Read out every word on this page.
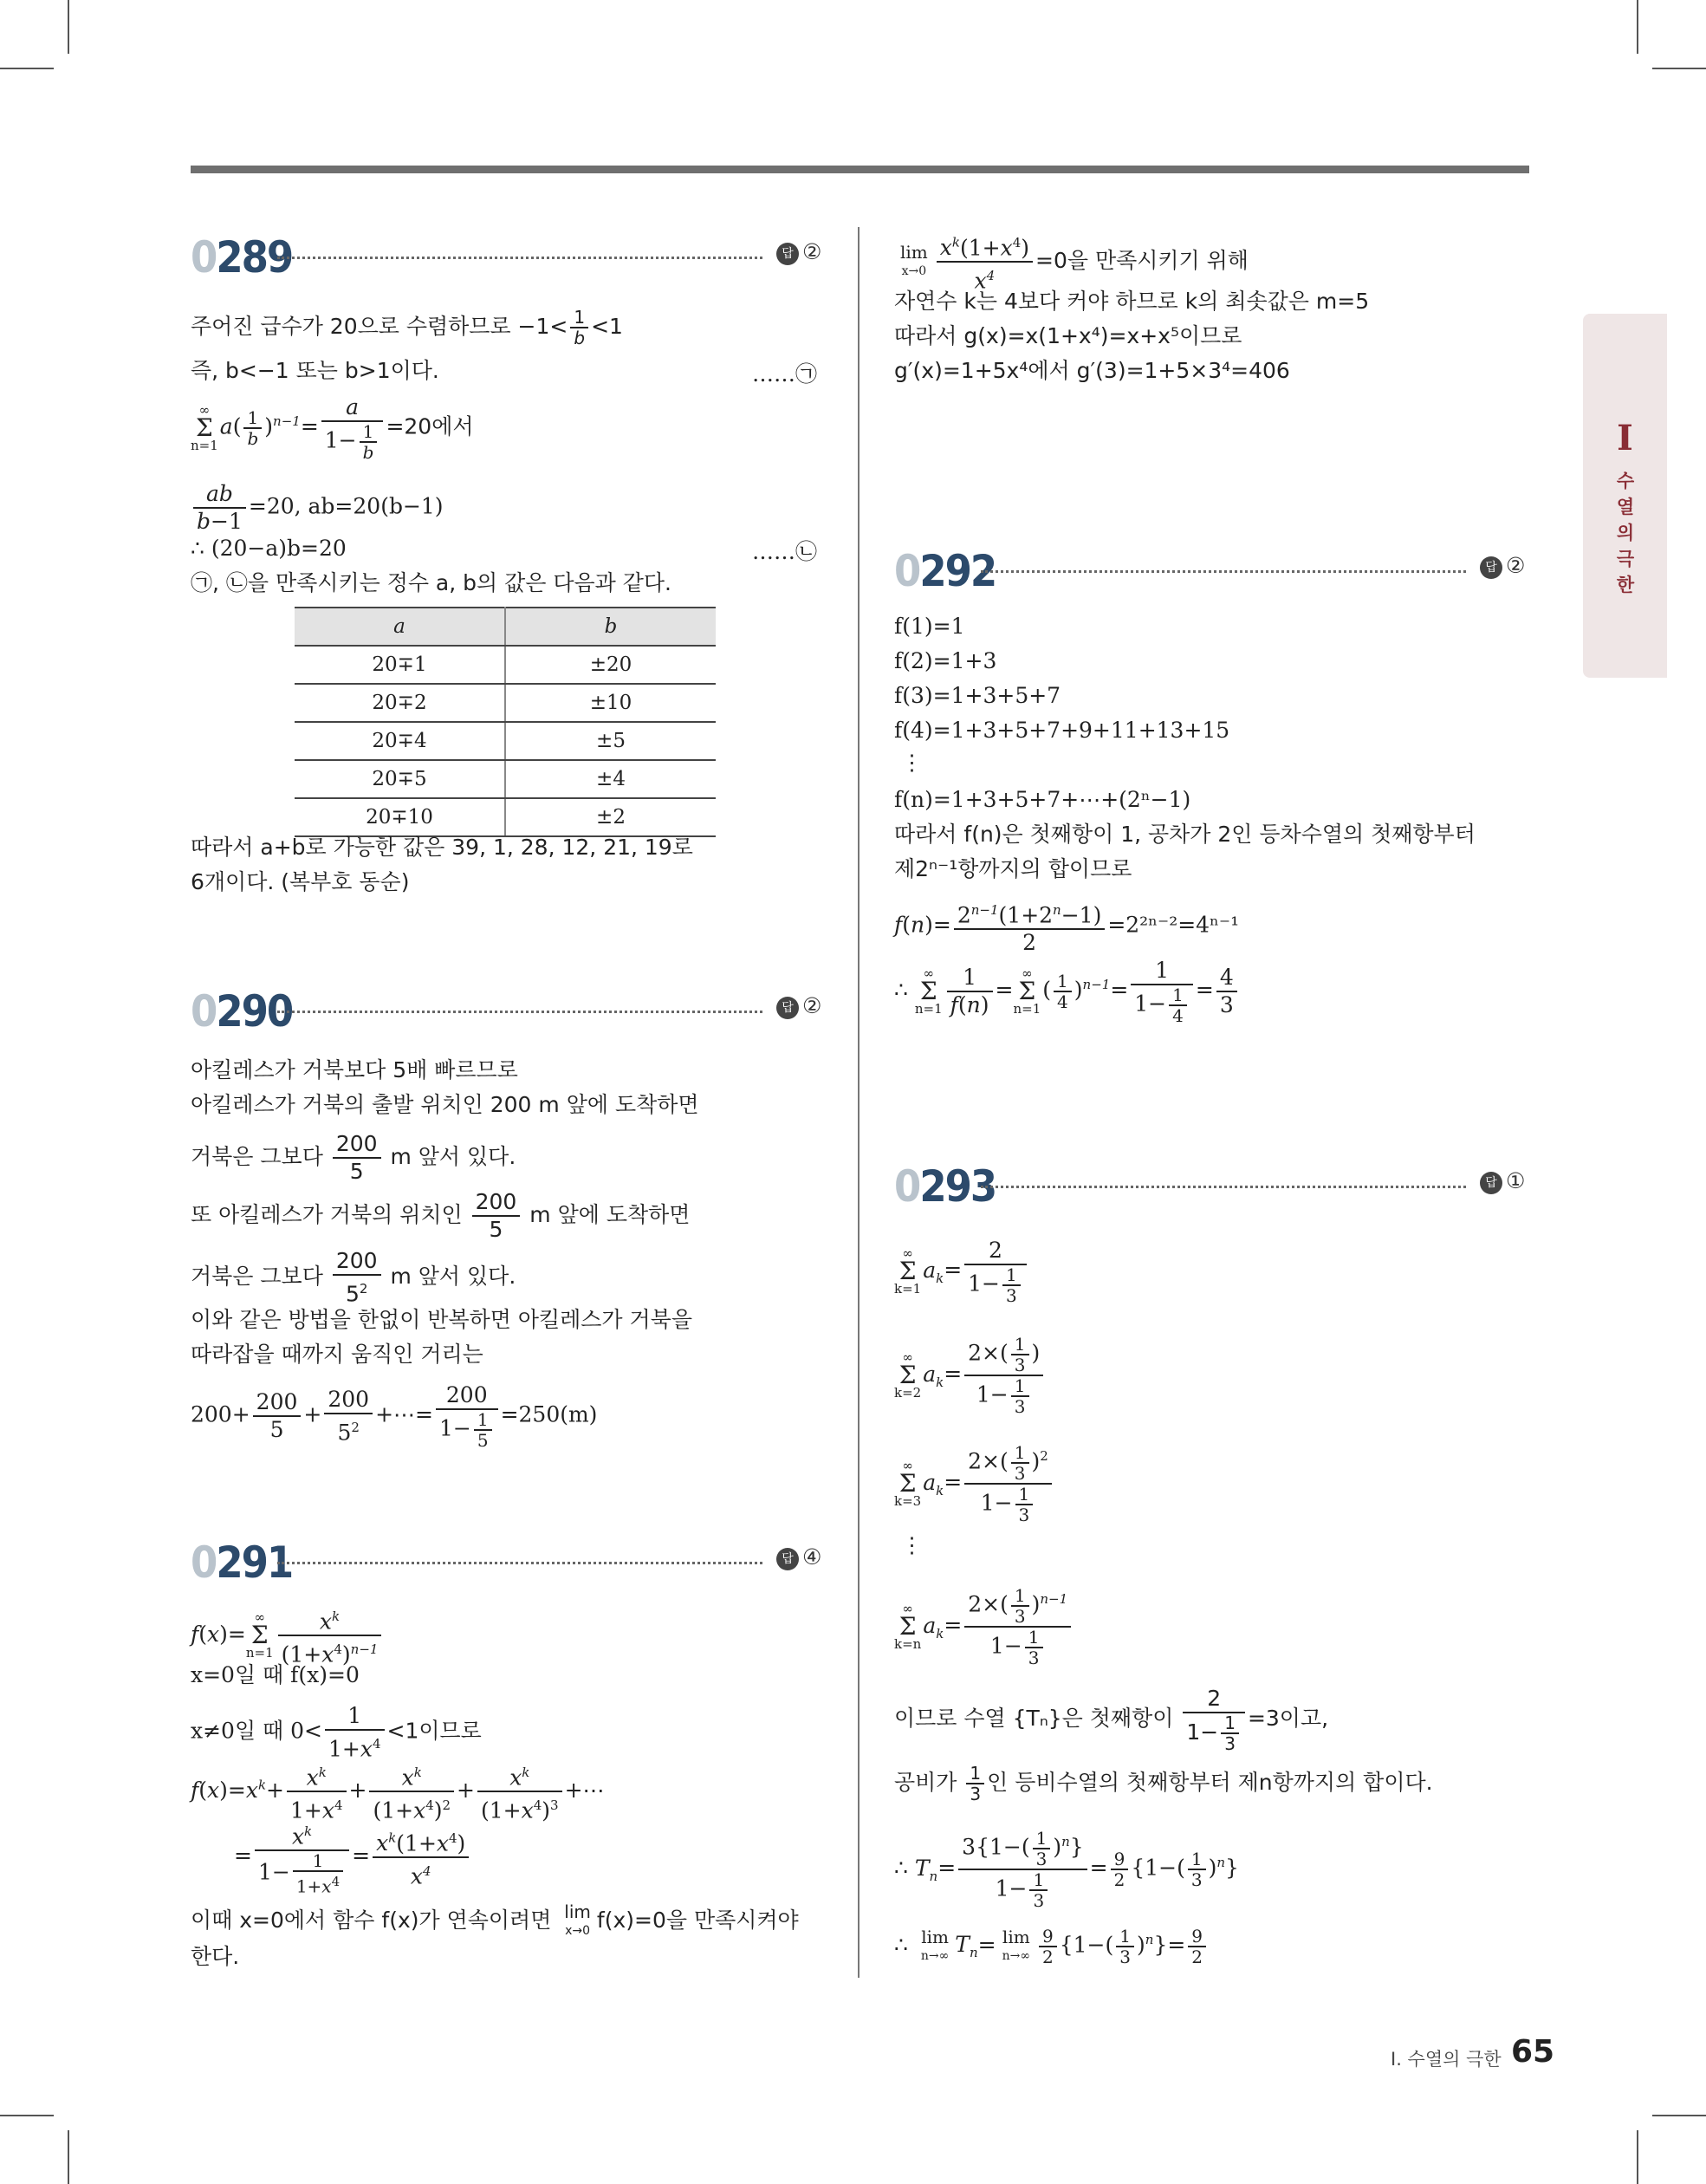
I
수열의 극한
0289	답 ②
주어진 급수가 20으로 수렴하므로 $-1< \frac{1}{b} <1$
즉, b<−1 또는 b>1이다.	……㉠
∞
Σ
$n=1a( \frac{1}{b} )^{n-1}= \frac{a}{1- \frac{1}{b}} =20$에서
$\frac{ab}{b-1} =20$, ab=20(b−1)
∴ (20−a)b=20	……㉡
㉠, ㉡을 만족시키는 정수 a, b의 값은 다음과 같다.
a	b
20∓1	±20
20∓2	±10
20∓4	±5
20∓5	±4
20∓10	±2
따라서 a+b로 가능한 값은 39, 1, 28, 12, 21, 19로
6개이다. (복부호 동순)
0290	답 ②
아킬레스가 거북보다 5배 빠르므로
아킬레스가 거북의 출발 위치인 200 m 앞에 도착하면
거북은 그보다 $\frac{200}{5}$ m 앞서 있다.
또 아킬레스가 거북의 위치인 $\frac{200}{5}$ m 앞에 도착하면
거북은 그보다 $\frac{200}{5^2}$ m 앞서 있다.
이와 같은 방법을 한없이 반복하면 아킬레스가 거북을
따라잡을 때까지 움직인 거리는
$200+ \frac{200}{5} + \frac{200}{5^2}$ +⋯= $\frac{200}{1- \frac{1}{5}} =250(m)$
0291	답 ④
f(x)=∞
Σ
$n=1 \frac{x^k}{(1+x^4)^{n-1}}$
x=0일 때 f(x)=0
x≠0일 때 $0< \frac{1}{1+x^4} <1$이므로
$f(x)=x^k+ \frac{x^k}{1+x^4} + \frac{x^k}{(1+x^4)^2} + \frac{x^k}{(1+x^4)^3}$ +⋯
= $\frac{x^k}{1- \frac{1}{1+x^4}} = \frac{x^k(1+x^4)}{x^4}$
이때 x=0에서 함수 f(x)가 연속이려면 lim
x→0 f(x)=0을 만족시켜야
한다.
lim
$x\to 0 \frac{x^k(1+x^4)}{x^4} =0$을 만족시키기 위해
자연수 k는 4보다 커야 하므로 k의 최솟값은 m=5
따라서 g(x)=x(1+x⁴)=x+x⁵이므로
g′(x)=1+5x⁴에서 g′(3)=1+5×3⁴=406
0292	답 ②
f(1)=1
f(2)=1+3
f(3)=1+3+5+7
f(4)=1+3+5+7+9+11+13+15
⋮
f(n)=1+3+5+7+⋯+(2ⁿ−1)
따라서 f(n)은 첫째항이 1, 공차가 2인 등차수열의 첫째항부터
제2ⁿ⁻¹항까지의 합이므로
$f(n)= \frac{2^{n-1}(1+2^n-1)}{2} =2^{2n-2}=4^{n-1}$
∴ ∞
Σ
$n=1 \frac{1}{f(n)}$ =∞
Σ
$n=1( \frac{1}{4} )^{n-1}= \frac{1}{1- \frac{1}{4}} = \frac{4}{3}$
0293	답 ①
∞
Σ
$k=1a_k= \frac{2}{1- \frac{1}{3}}$
∞
Σ
$k=2a_k= \frac{2\times( \frac{1}{3} )}{1- \frac{1}{3}}$
∞
Σ
$k=3a_k= \frac{2\times( \frac{1}{3} )^2}{1- \frac{1}{3}}$
⋮
∞
Σ
$k=na_k= \frac{2\times( \frac{1}{3} )^{n-1}}{1- \frac{1}{3}}$
이므로 수열 {Tₙ}은 첫째항이 $\frac{2}{1- \frac{1}{3}} =3$이고,
공비가 $\frac{1}{3}$ 인 등비수열의 첫째항부터 제n항까지의 합이다.
∴ $T_n= \frac{3\{1-( \frac{1}{3} )^n\}}{1- \frac{1}{3}} = \frac{9}{2} \{1-( \frac{1}{3} )^n\}$
∴ lim
n→∞ $T_n= \lim$
$n\to\infty \frac{9}{2} \{1-( \frac{1}{3} )^n\}= \frac{9}{2}$
Ⅰ. 수열의 극한 65
